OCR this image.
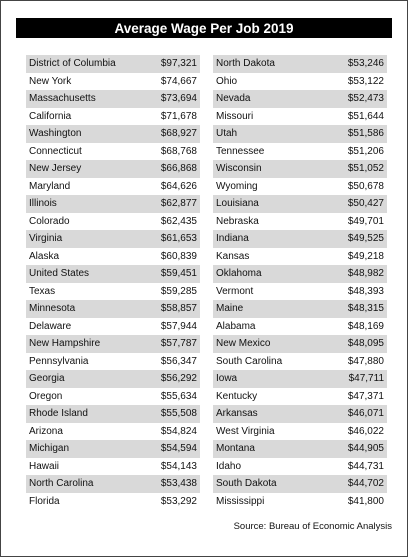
Average Wage Per Job 2019
District of Columbia	$97,321
New York	$74,667
Massachusetts	$73,694
California	$71,678
Washington	$68,927
Connecticut	$68,768
New Jersey	$66,868
Maryland	$64,626
Illinois	$62,877
Colorado	$62,435
Virginia	$61,653
Alaska	$60,839
United States	$59,451
Texas	$59,285
Minnesota	$58,857
Delaware	$57,944
New Hampshire	$57,787
Pennsylvania	$56,347
Georgia	$56,292
Oregon	$55,634
Rhode Island	$55,508
Arizona	$54,824
Michigan	$54,594
Hawaii	$54,143
North Carolina	$53,438
Florida	$53,292
North Dakota	$53,246
Ohio	$53,122
Nevada	$52,473
Missouri	$51,644
Utah	$51,586
Tennessee	$51,206
Wisconsin	$51,052
Wyoming	$50,678
Louisiana	$50,427
Nebraska	$49,701
Indiana	$49,525
Kansas	$49,218
Oklahoma	$48,982
Vermont	$48,393
Maine	$48,315
Alabama	$48,169
New Mexico	$48,095
South Carolina	$47,880
Iowa	$47,711
Kentucky	$47,371
Arkansas	$46,071
West Virginia	$46,022
Montana	$44,905
Idaho	$44,731
South Dakota	$44,702
Mississippi	$41,800
Source: Bureau of Economic Analysis
